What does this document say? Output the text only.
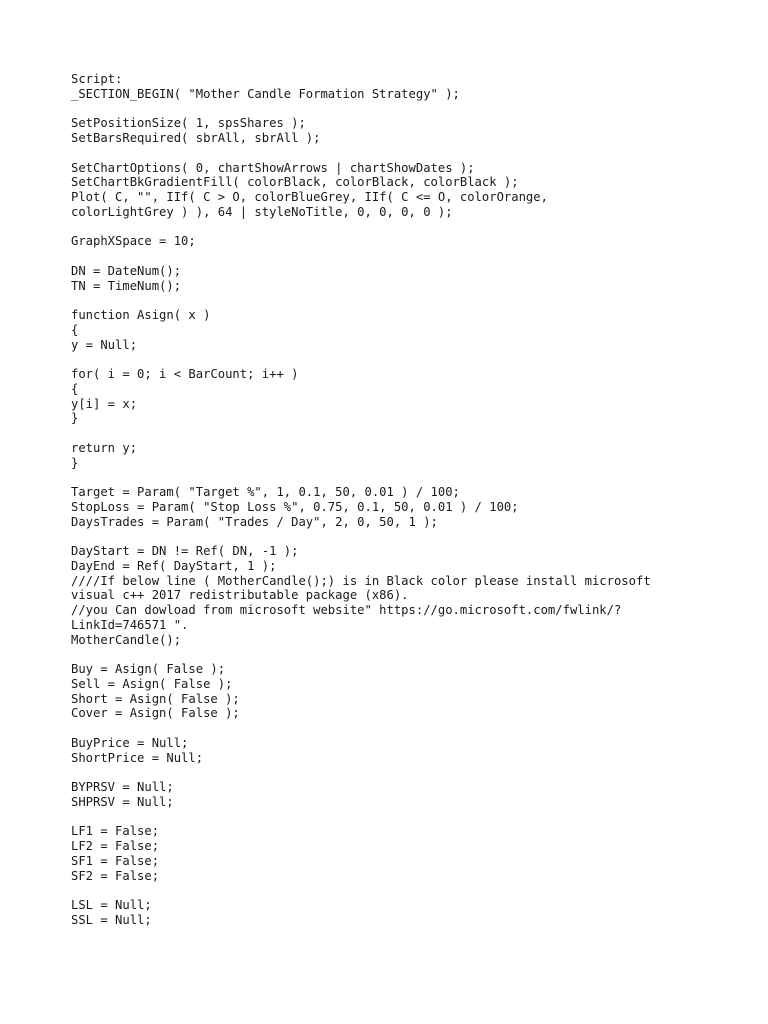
Script:
_SECTION_BEGIN( "Mother Candle Formation Strategy" );
SetPositionSize( 1, spsShares );
SetBarsRequired( sbrAll, sbrAll );
SetChartOptions( 0, chartShowArrows | chartShowDates );
SetChartBkGradientFill( colorBlack, colorBlack, colorBlack );
Plot( C, "", IIf( C > O, colorBlueGrey, IIf( C <= O, colorOrange,
colorLightGrey ) ), 64 | styleNoTitle, 0, 0, 0, 0 );
GraphXSpace = 10;
DN = DateNum();
TN = TimeNum();
function Asign( x )
{
y = Null;
for( i = 0; i < BarCount; i++ )
{
y[i] = x;
}
return y;
}
Target = Param( "Target %", 1, 0.1, 50, 0.01 ) / 100;
StopLoss = Param( "Stop Loss %", 0.75, 0.1, 50, 0.01 ) / 100;
DaysTrades = Param( "Trades / Day", 2, 0, 50, 1 );
DayStart = DN != Ref( DN, -1 );
DayEnd = Ref( DayStart, 1 );
////If below line ( MotherCandle();) is in Black color please install microsoft
visual c++ 2017 redistributable package (x86).
//you Can dowload from microsoft website" https://go.microsoft.com/fwlink/?
LinkId=746571 ".
MotherCandle();
Buy = Asign( False );
Sell = Asign( False );
Short = Asign( False );
Cover = Asign( False );
BuyPrice = Null;
ShortPrice = Null;
BYPRSV = Null;
SHPRSV = Null;
LF1 = False;
LF2 = False;
SF1 = False;
SF2 = False;
LSL = Null;
SSL = Null;
